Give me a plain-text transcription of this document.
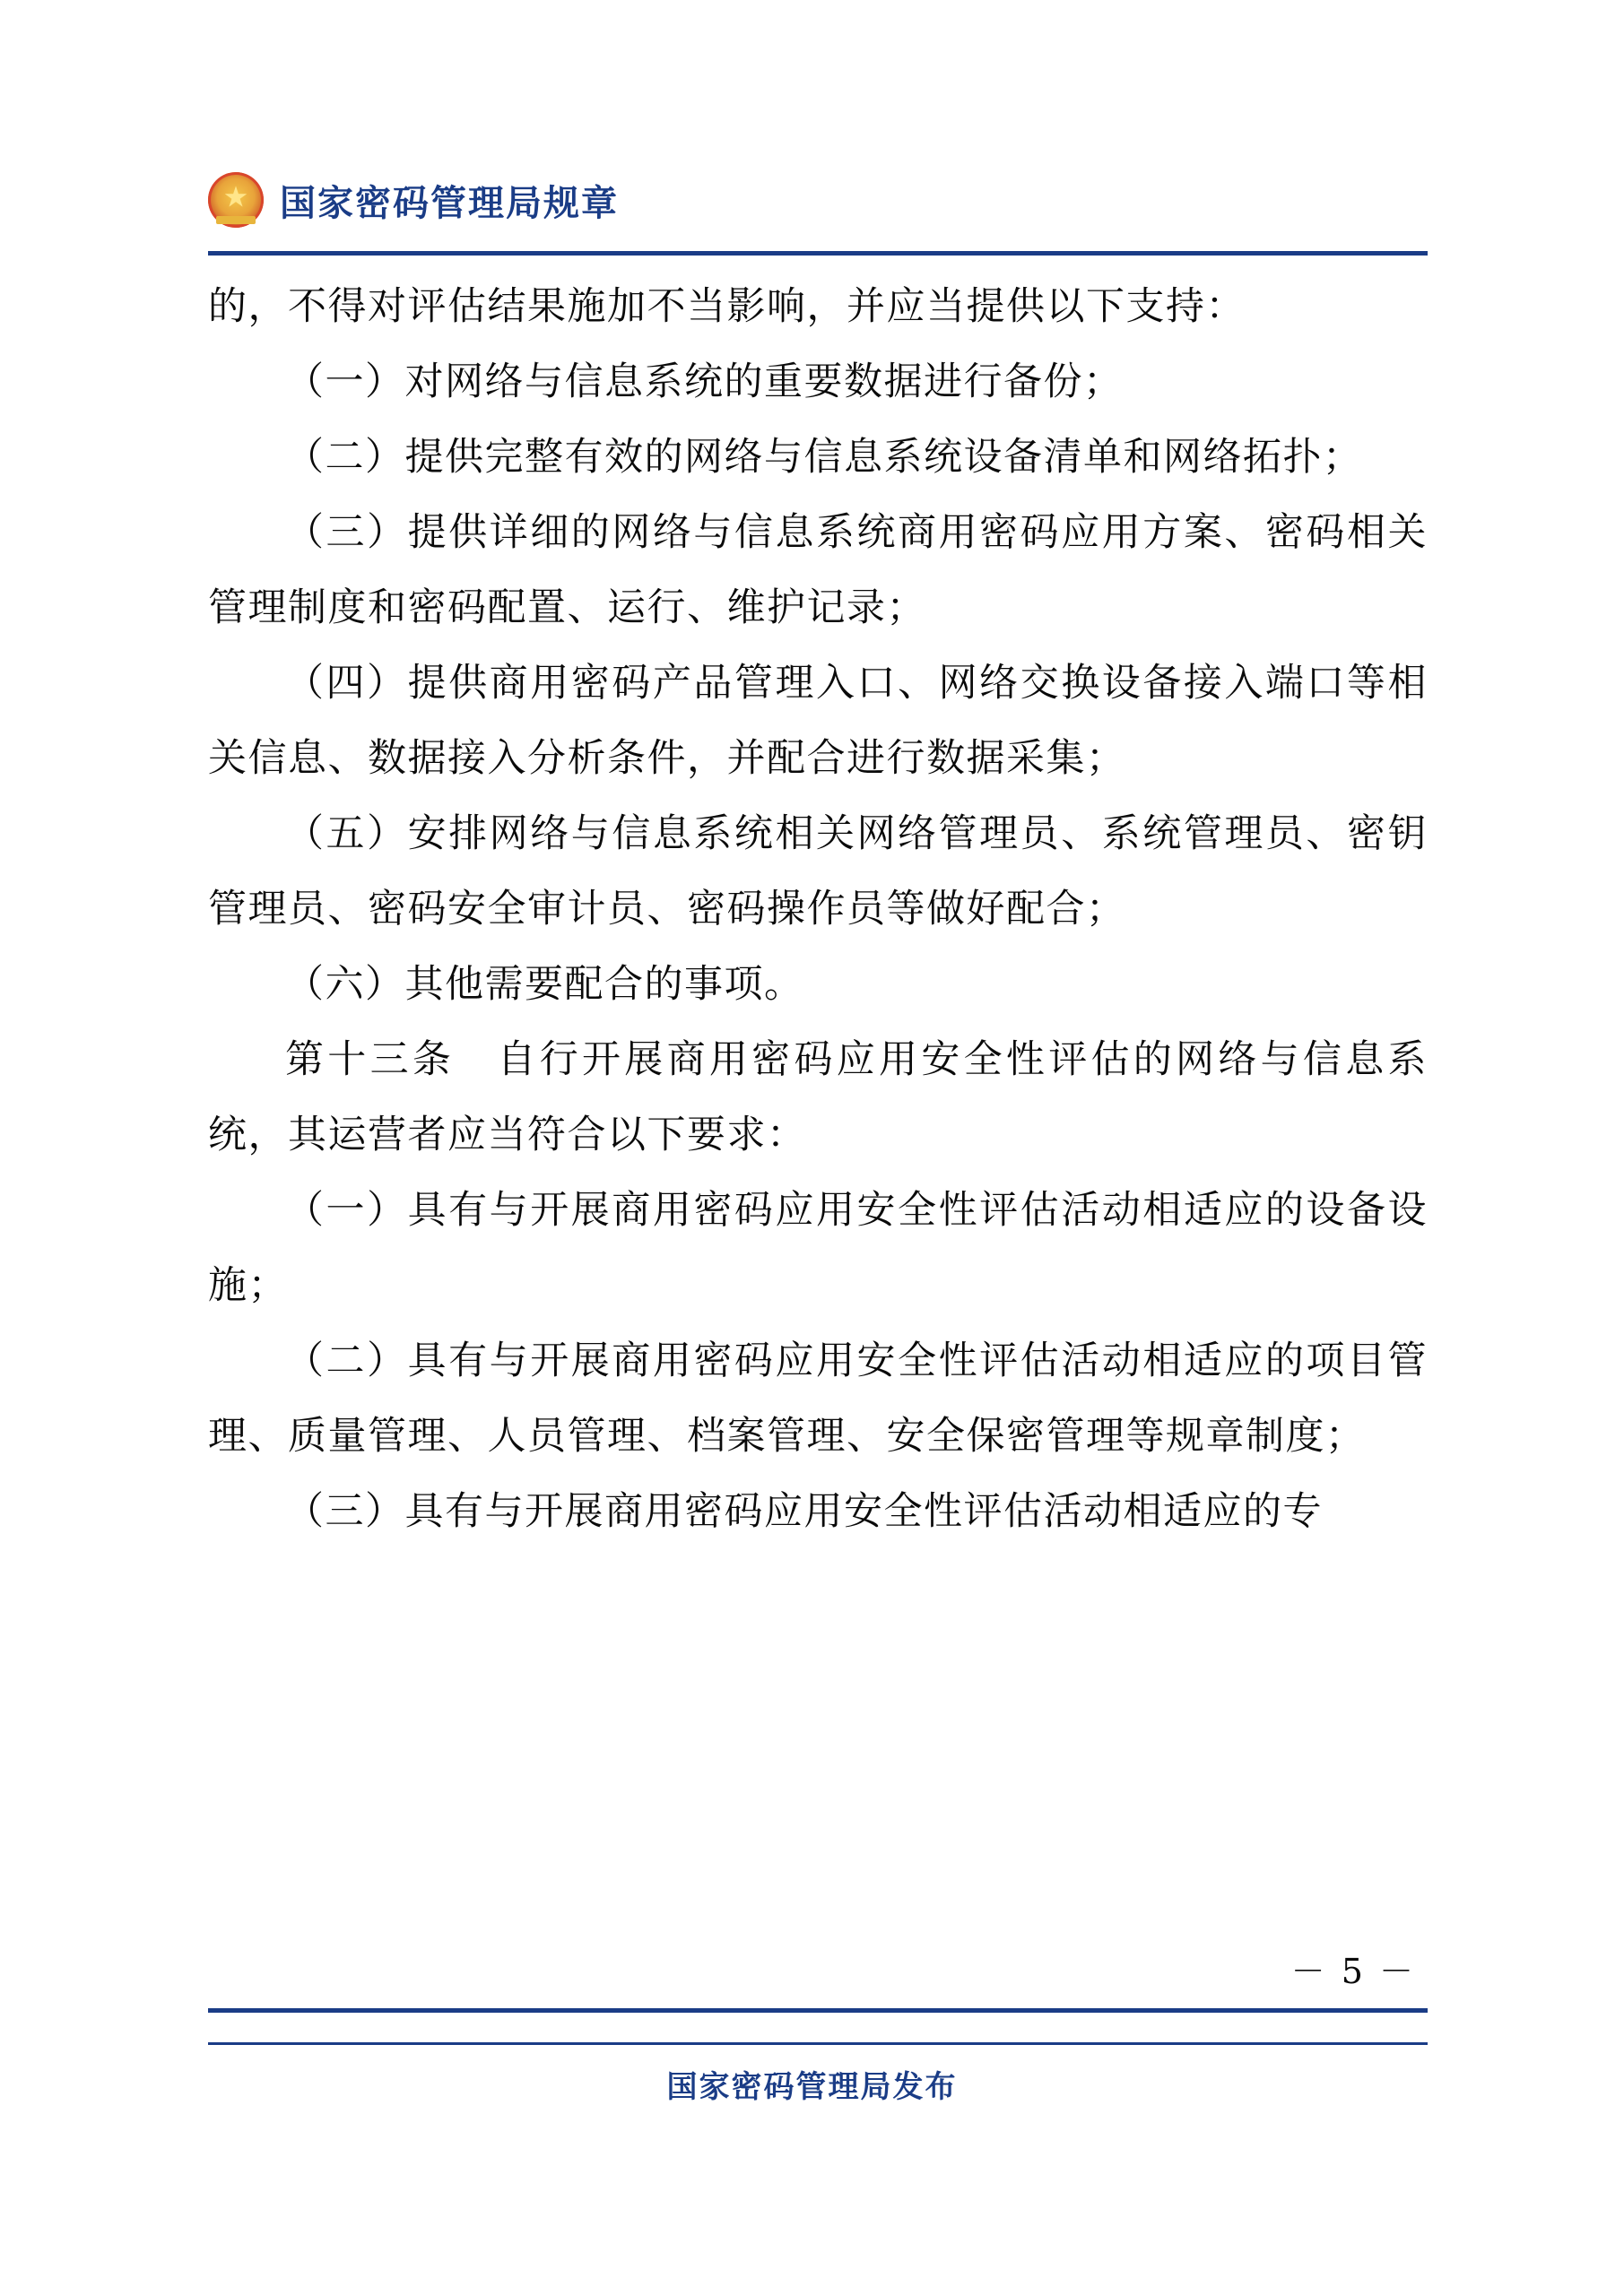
★ 国家密码管理局规章

的，不得对评估结果施加不当影响，并应当提供以下支持：

（一）对网络与信息系统的重要数据进行备份；

（二）提供完整有效的网络与信息系统设备清单和网络拓扑；

（三）提供详细的网络与信息系统商用密码应用方案、密码相关管理制度和密码配置、运行、维护记录；

（四）提供商用密码产品管理入口、网络交换设备接入端口等相关信息、数据接入分析条件，并配合进行数据采集；

（五）安排网络与信息系统相关网络管理员、系统管理员、密钥管理员、密码安全审计员、密码操作员等做好配合；

（六）其他需要配合的事项。

第十三条　自行开展商用密码应用安全性评估的网络与信息系统，其运营者应当符合以下要求：

（一）具有与开展商用密码应用安全性评估活动相适应的设备设施；

（二）具有与开展商用密码应用安全性评估活动相适应的项目管理、质量管理、人员管理、档案管理、安全保密管理等规章制度；

（三）具有与开展商用密码应用安全性评估活动相适应的专

－ 5 －
国家密码管理局发布
